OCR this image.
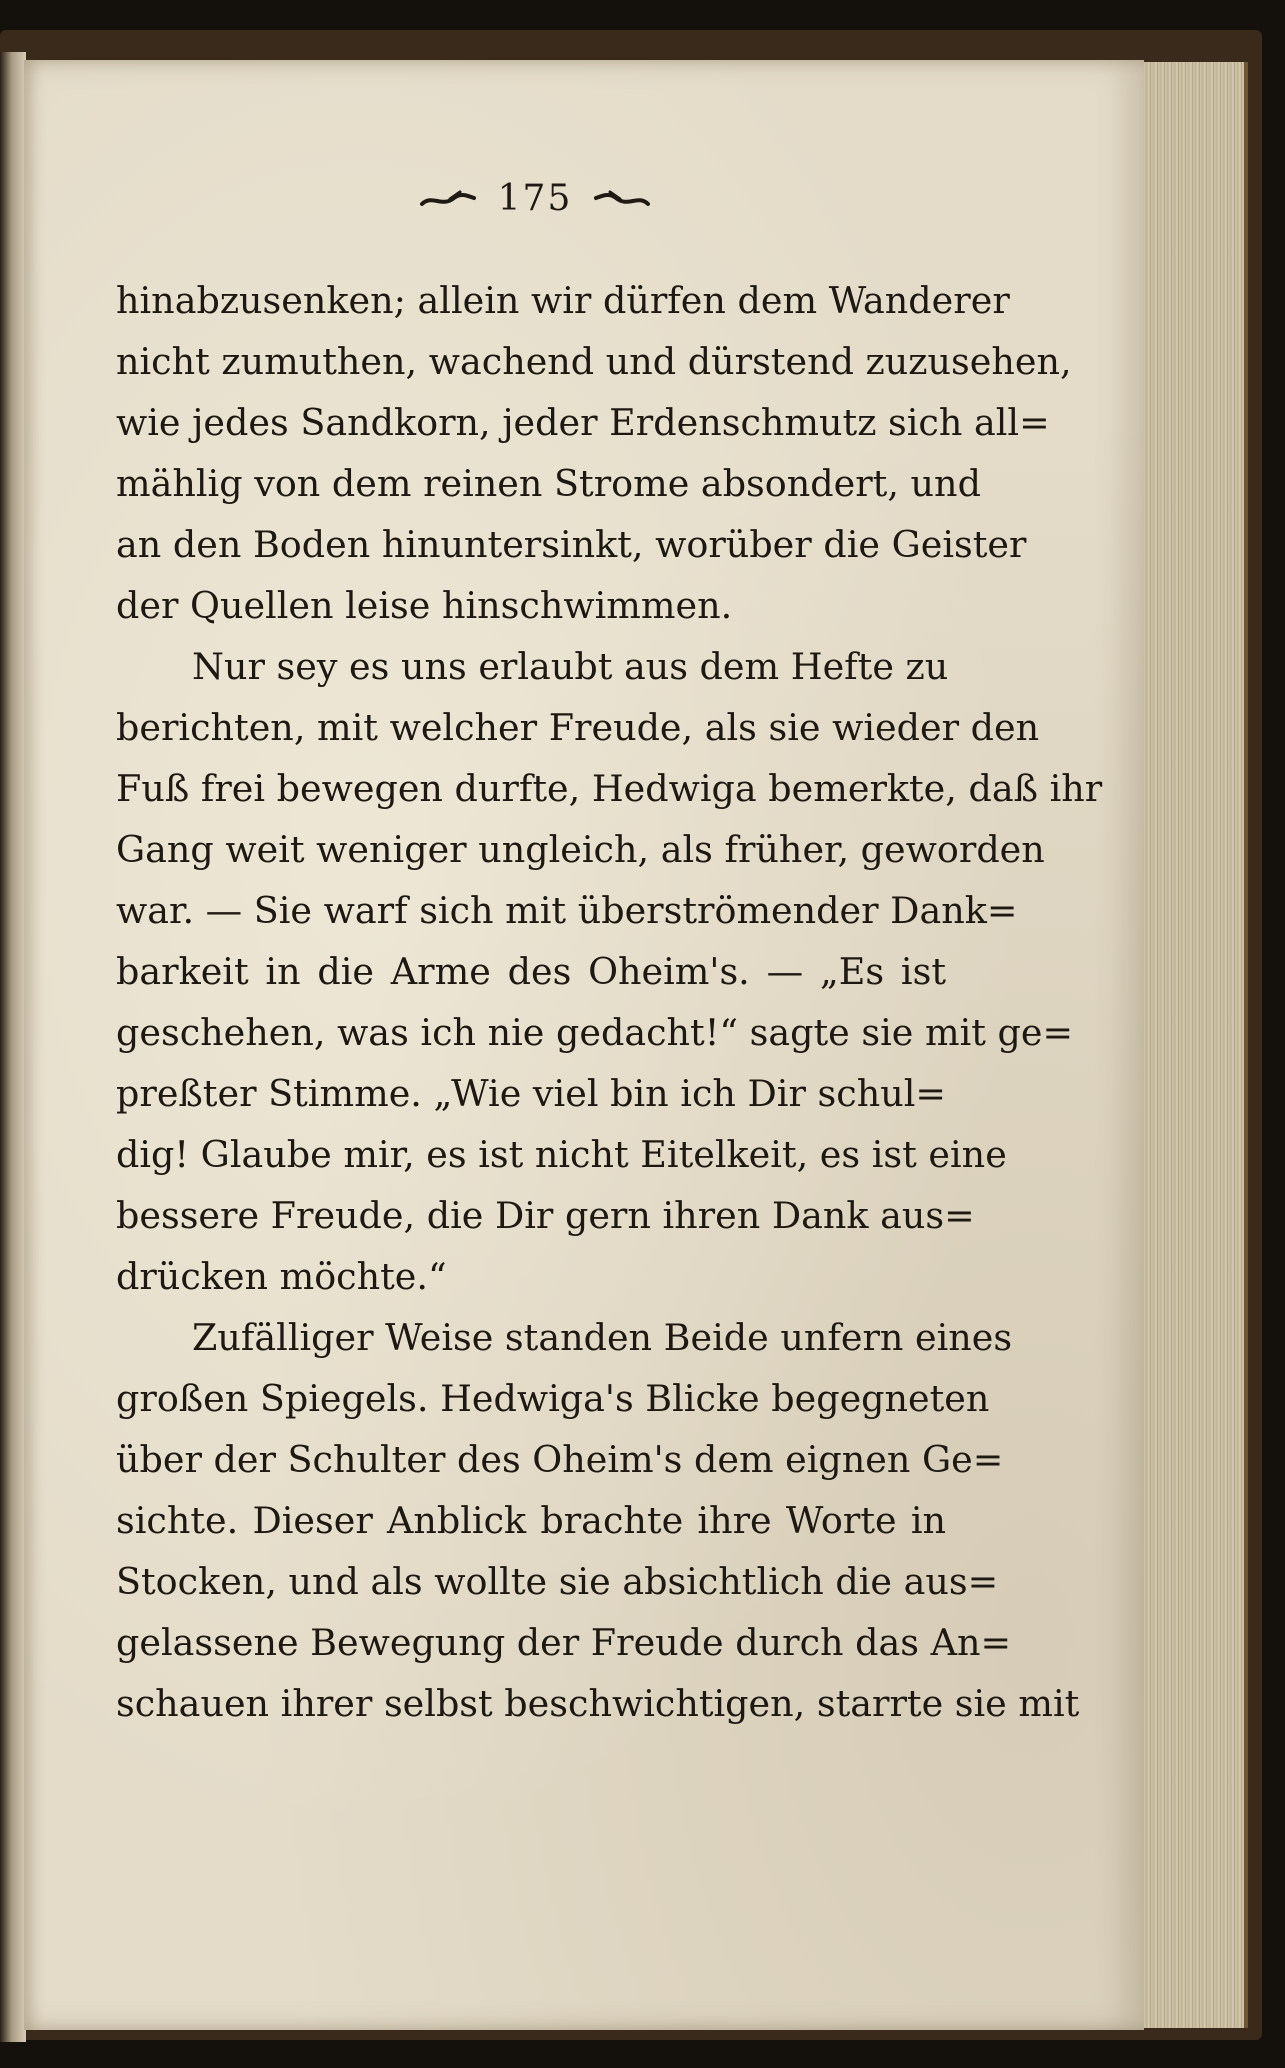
175
hinabzusenken; allein wir dürfen dem Wanderer
nicht zumuthen, wachend und dürstend zuzusehen,
wie jedes Sandkorn, jeder Erdenschmutz sich all=
mählig von dem reinen Strome absondert, und
an den Boden hinuntersinkt, worüber die Geister
der Quellen leise hinschwimmen.
Nur sey es uns erlaubt aus dem Hefte zu
berichten, mit welcher Freude, als sie wieder den
Fuß frei bewegen durfte, Hedwiga bemerkte, daß ihr
Gang weit weniger ungleich, als früher, geworden
war. — Sie warf sich mit überströmender Dank=
barkeit in die Arme des Oheim's. — „Es ist
geschehen, was ich nie gedacht!“ sagte sie mit ge=
preßter Stimme. „Wie viel bin ich Dir schul=
dig! Glaube mir, es ist nicht Eitelkeit, es ist eine
bessere Freude, die Dir gern ihren Dank aus=
drücken möchte.“
Zufälliger Weise standen Beide unfern eines
großen Spiegels. Hedwiga's Blicke begegneten
über der Schulter des Oheim's dem eignen Ge=
sichte. Dieser Anblick brachte ihre Worte in
Stocken, und als wollte sie absichtlich die aus=
gelassene Bewegung der Freude durch das An=
schauen ihrer selbst beschwichtigen, starrte sie mit
